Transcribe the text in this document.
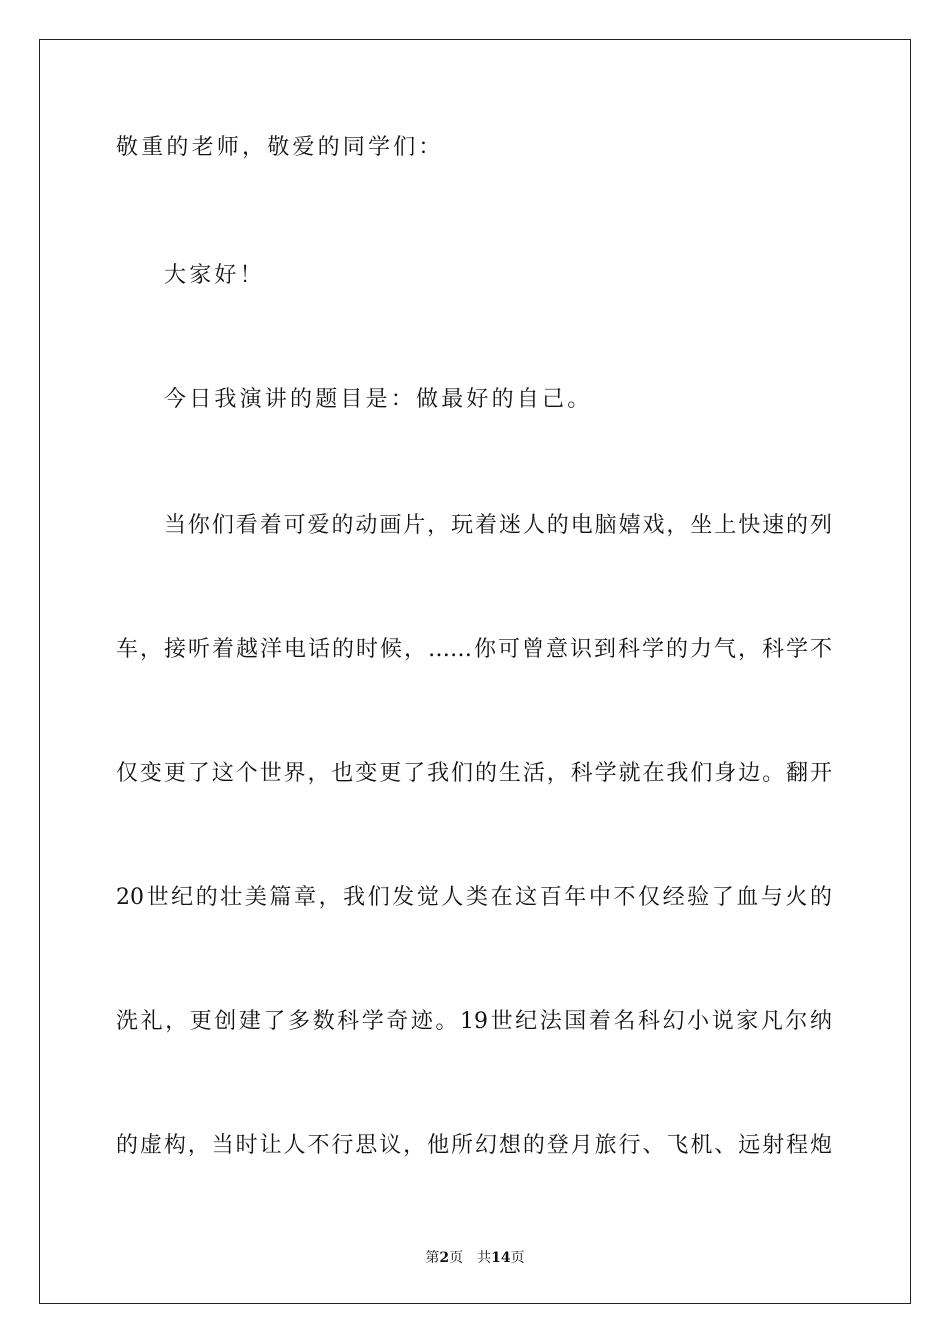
敬重的老师，敬爱的同学们：
大家好！
今日我演讲的题目是：做最好的自己。
当你们看着可爱的动画片，玩着迷人的电脑嬉戏，坐上快速的列
车，接听着越洋电话的时候，……你可曾意识到科学的力气，科学不
仅变更了这个世界，也变更了我们的生活，科学就在我们身边。翻开
20世纪的壮美篇章，我们发觉人类在这百年中不仅经验了血与火的
洗礼，更创建了多数科学奇迹。19世纪法国着名科幻小说家凡尔纳
的虚构，当时让人不行思议，他所幻想的登月旅行、飞机、远射程炮
第2页 共14页
